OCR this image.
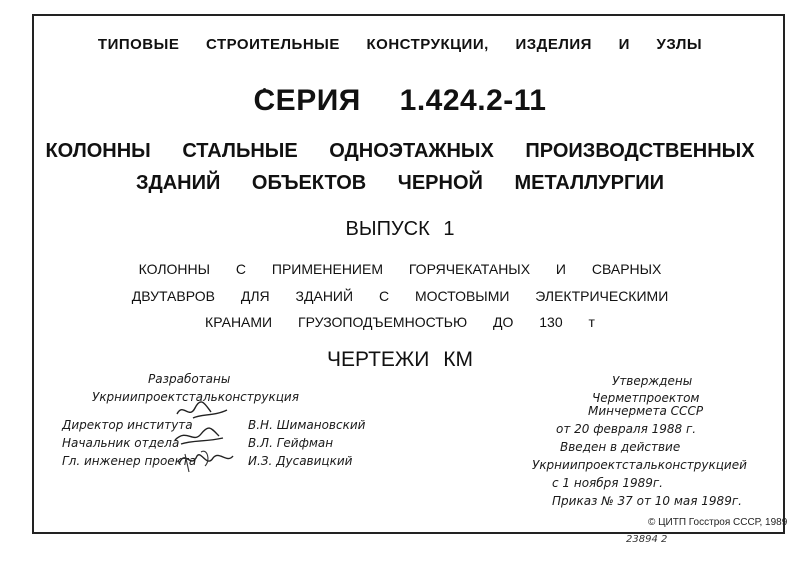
ТИПОВЫЕ СТРОИТЕЛЬНЫЕ КОНСТРУКЦИИ, ИЗДЕЛИЯ И УЗЛЫ
СЕРИЯ 1.424.2-11
КОЛОННЫ СТАЛЬНЫЕ ОДНОЭТАЖНЫХ ПРОИЗВОДСТВЕННЫХ
ЗДАНИЙ ОБЪЕКТОВ ЧЕРНОЙ МЕТАЛЛУРГИИ
ВЫПУСК 1
КОЛОННЫ С ПРИМЕНЕНИЕМ ГОРЯЧЕКАТАНЫХ И СВАРНЫХ
ДВУТАВРОВ ДЛЯ ЗДАНИЙ С МОСТОВЫМИ ЭЛЕКТРИЧЕСКИМИ
КРАНАМИ ГРУЗОПОДЪЕМНОСТЬЮ ДО 130 т
ЧЕРТЕЖИ КМ
Разработаны
Укрниипроектстальконструкция
Директор института	В.Н. Шимановский
Начальник отдела	В.Л. Гейфман
Гл. инженер проекта	И.З. Дусавицкий
Утверждены
Черметпроектом
Минчермета СССР
от 20 февраля 1988 г.
Введен в действие
Укрниипроектстальконструкцией
с 1 ноября 1989г.
Приказ № 37 от 10 мая 1989г.
© ЦИТП Госстроя СССР, 1989
23894 2
